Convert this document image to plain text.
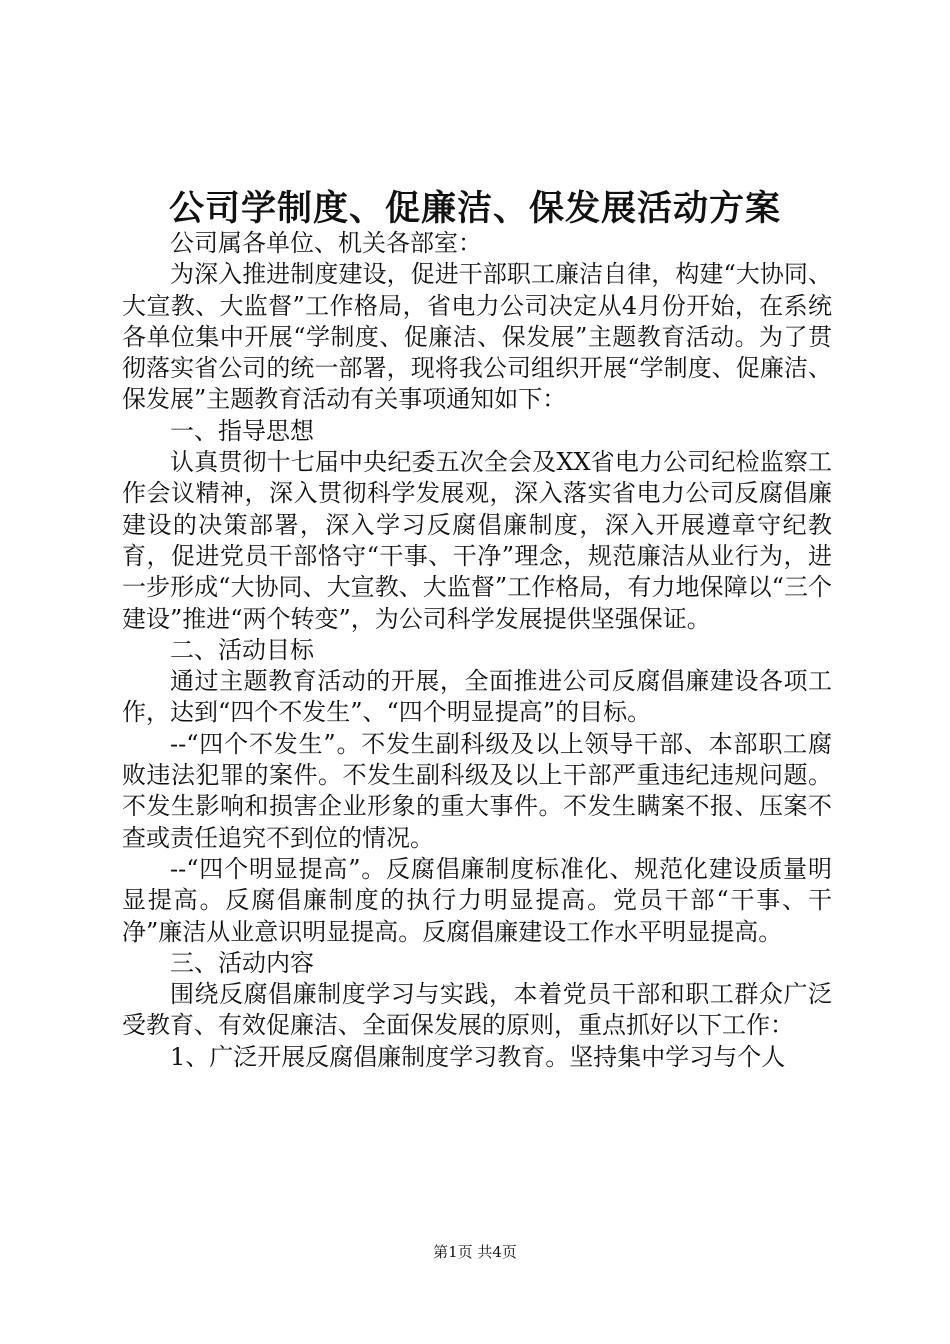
公司学制度、促廉洁、保发展活动方案

公司属各单位、机关各部室：

为深入推进制度建设，促进干部职工廉洁自律，构建“大协同、大宣教、大监督”工作格局，省电力公司决定从4月份开始，在系统各单位集中开展“学制度、促廉洁、保发展”主题教育活动。为了贯彻落实省公司的统一部署，现将我公司组织开展“学制度、促廉洁、保发展”主题教育活动有关事项通知如下：

一、指导思想

认真贯彻十七届中央纪委五次全会及XX省电力公司纪检监察工作会议精神，深入贯彻科学发展观，深入落实省电力公司反腐倡廉建设的决策部署，深入学习反腐倡廉制度，深入开展遵章守纪教育，促进党员干部恪守“干事、干净”理念，规范廉洁从业行为，进一步形成“大协同、大宣教、大监督”工作格局，有力地保障以“三个建设”推进“两个转变”，为公司科学发展提供坚强保证。

二、活动目标

通过主题教育活动的开展，全面推进公司反腐倡廉建设各项工作，达到“四个不发生”、“四个明显提高”的目标。

--“四个不发生”。不发生副科级及以上领导干部、本部职工腐败违法犯罪的案件。不发生副科级及以上干部严重违纪违规问题。不发生影响和损害企业形象的重大事件。不发生瞒案不报、压案不查或责任追究不到位的情况。

--“四个明显提高”。反腐倡廉制度标准化、规范化建设质量明显提高。反腐倡廉制度的执行力明显提高。党员干部“干事、干净”廉洁从业意识明显提高。反腐倡廉建设工作水平明显提高。

三、活动内容

围绕反腐倡廉制度学习与实践，本着党员干部和职工群众广泛受教育、有效促廉洁、全面保发展的原则，重点抓好以下工作：

1、广泛开展反腐倡廉制度学习教育。坚持集中学习与个人

第1页 共4页
